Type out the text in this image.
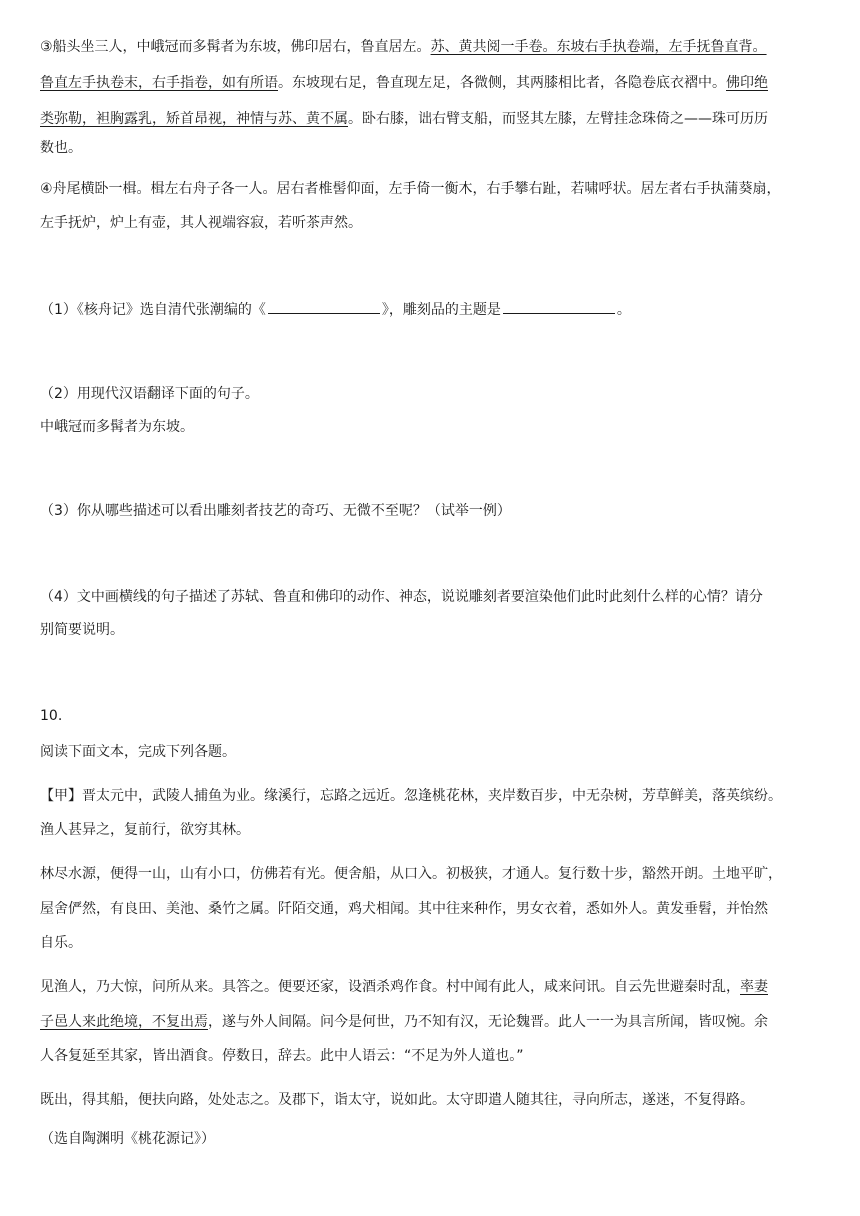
③船头坐三人，中峨冠而多髯者为东坡，佛印居右，鲁直居左。苏、黄共阅一手卷。东坡右手执卷端，左手抚鲁直背。
鲁直左手执卷末，右手指卷，如有所语。东坡现右足，鲁直现左足，各微侧，其两膝相比者，各隐卷底衣褶中。佛印绝
类弥勒，袒胸露乳，矫首昂视，神情与苏、黄不属。卧右膝，诎右臂支船，而竖其左膝，左臂挂念珠倚之——珠可历历
数也。
④舟尾横卧一楫。楫左右舟子各一人。居右者椎髻仰面，左手倚一衡木，右手攀右趾，若啸呼状。居左者右手执蒲葵扇，
左手抚炉，炉上有壶，其人视端容寂，若听茶声然。
（1）《核舟记》选自清代张潮编的《	》，雕刻品的主题是	。
（2）用现代汉语翻译下面的句子。
中峨冠而多髯者为东坡。
（3）你从哪些描述可以看出雕刻者技艺的奇巧、无微不至呢？（试举一例）
（4）文中画横线的句子描述了苏轼、鲁直和佛印的动作、神态，说说雕刻者要渲染他们此时此刻什么样的心情？请分
别简要说明。
10.
阅读下面文本，完成下列各题。
【甲】晋太元中，武陵人捕鱼为业。缘溪行，忘路之远近。忽逢桃花林，夹岸数百步，中无杂树，芳草鲜美，落英缤纷。
渔人甚异之，复前行，欲穷其林。
林尽水源，便得一山，山有小口，仿佛若有光。便舍船，从口入。初极狭，才通人。复行数十步，豁然开朗。土地平旷，
屋舍俨然，有良田、美池、桑竹之属。阡陌交通，鸡犬相闻。其中往来种作，男女衣着，悉如外人。黄发垂髫，并怡然
自乐。
见渔人，乃大惊，问所从来。具答之。便要还家，设酒杀鸡作食。村中闻有此人，咸来问讯。自云先世避秦时乱，率妻
子邑人来此绝境，不复出焉，遂与外人间隔。问今是何世，乃不知有汉，无论魏晋。此人一一为具言所闻，皆叹惋。余
人各复延至其家，皆出酒食。停数日，辞去。此中人语云：“不足为外人道也。”
既出，得其船，便扶向路，处处志之。及郡下，诣太守，说如此。太守即遣人随其往，寻向所志，遂迷，不复得路。
（选自陶渊明《桃花源记》）
